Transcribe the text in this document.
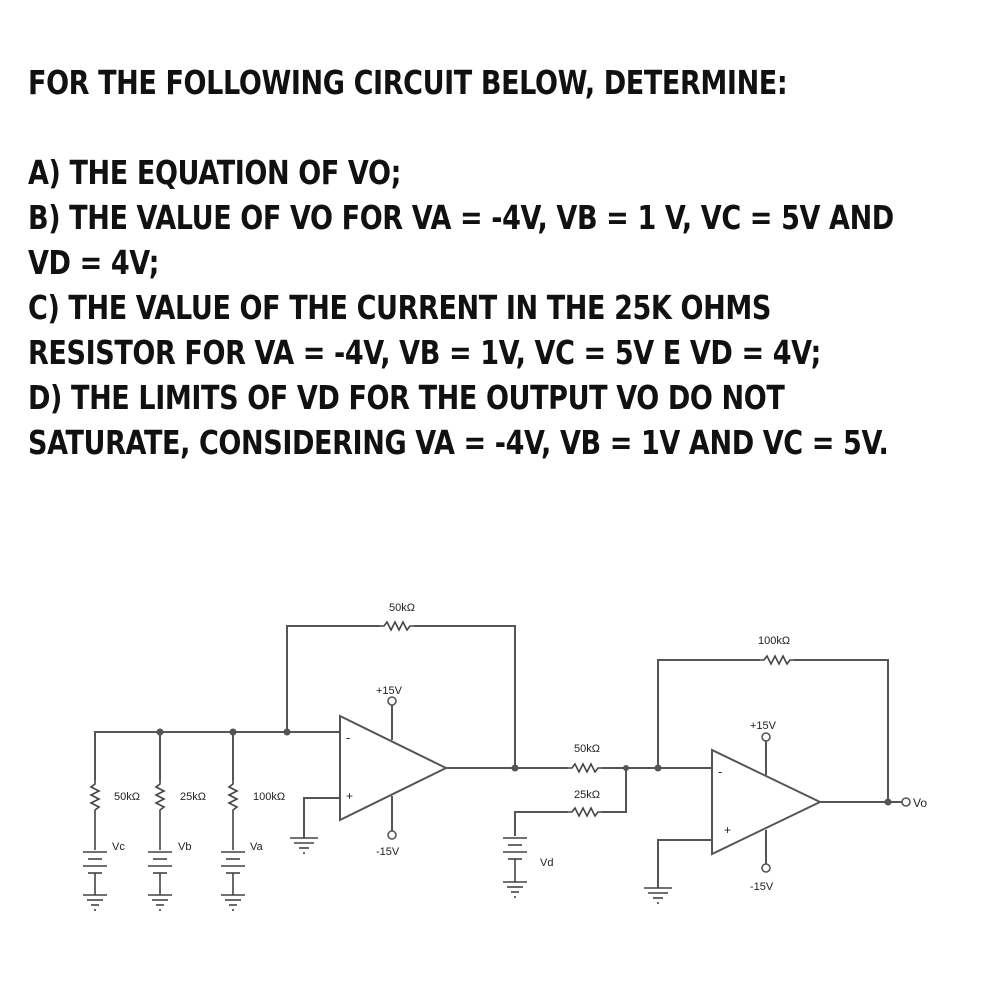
FOR THE FOLLOWING CIRCUIT BELOW, DETERMINE:

A) THE EQUATION OF VO;

B) THE VALUE OF VO FOR VA = -4V, VB = 1 V, VC = 5V AND

VD = 4V;

C) THE VALUE OF THE CURRENT IN THE 25K OHMS

RESISTOR FOR VA = -4V, VB = 1V, VC = 5V E VD = 4V;

D) THE LIMITS OF VD FOR THE OUTPUT VO DO NOT

SATURATE, CONSIDERING VA = -4V, VB = 1V AND VC = 5V.

50kΩ	25kΩ	100kΩ
Vc	Vb	Va
50kΩ
+15V
-15V
-
+
50kΩ
25kΩ
Vd
100kΩ
+15V
-15V
-
+
Vo
